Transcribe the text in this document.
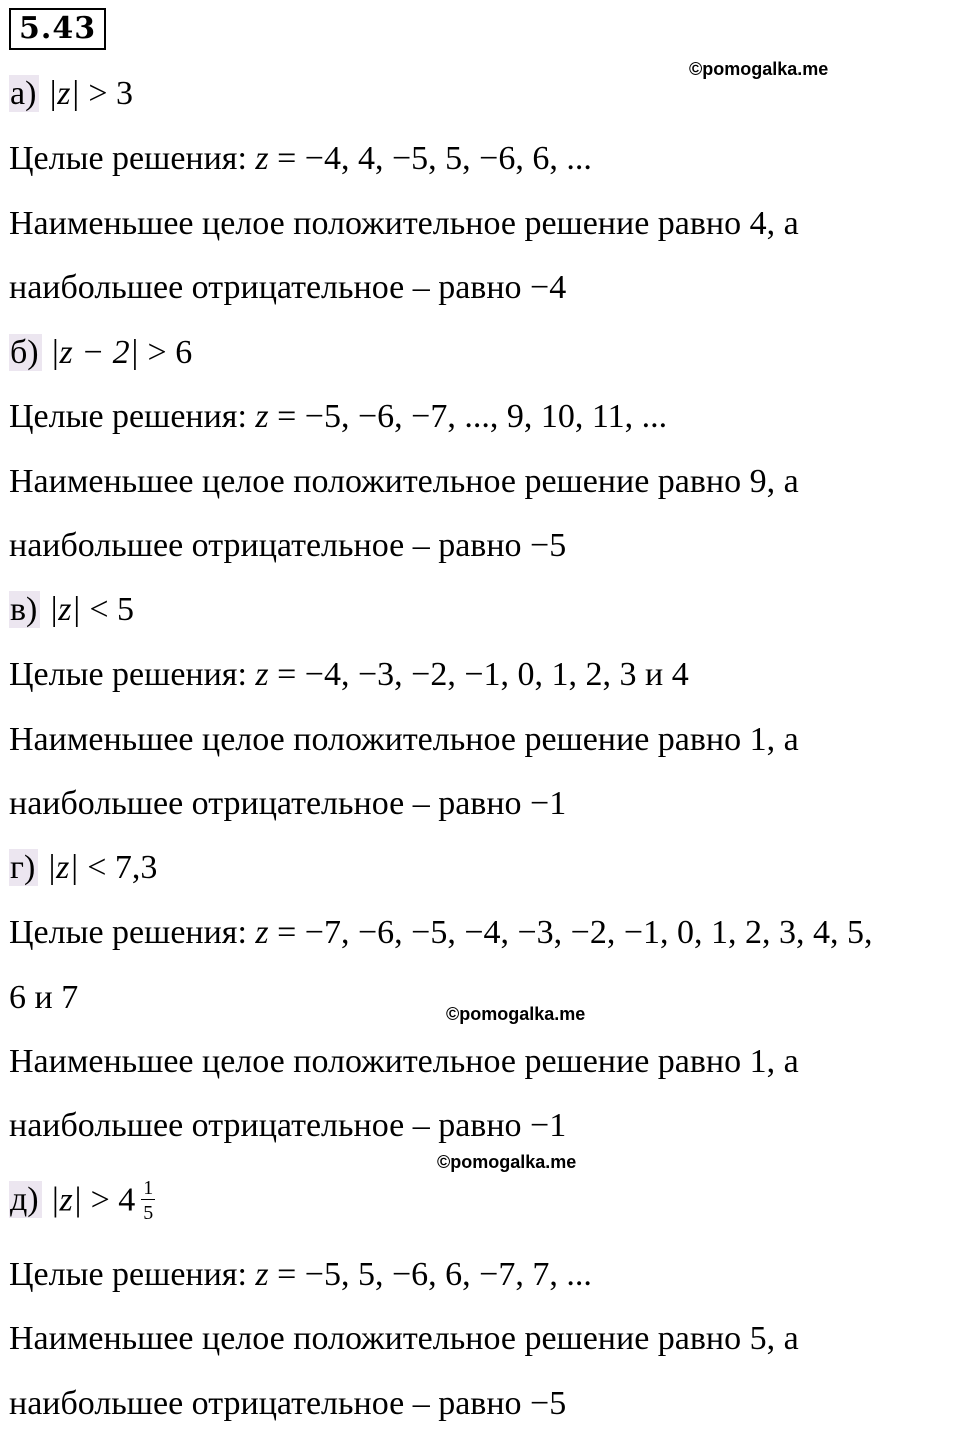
5.43
©pomogalka.me
а) |z| > 3
Целые решения: z = −4, 4, −5, 5, −6, 6, ...
Наименьшее целое положительное решение равно 4, а
наибольшее отрицательное – равно −4
б) |z − 2| > 6
Целые решения: z = −5, −6, −7, ..., 9, 10, 11, ...
Наименьшее целое положительное решение равно 9, а
наибольшее отрицательное – равно −5
в) |z| < 5
Целые решения: z = −4, −3, −2, −1, 0, 1, 2, 3 и 4
Наименьшее целое положительное решение равно 1, а
наибольшее отрицательное – равно −1
г) |z| < 7,3
Целые решения: z = −7, −6, −5, −4, −3, −2, −1, 0, 1, 2, 3, 4, 5,
6 и 7	©pomogalka.me
Наименьшее целое положительное решение равно 1, а
наибольшее отрицательное – равно −1
©pomogalka.me
д) $|z| > 4 \frac{1}{5}$
Целые решения: z = −5, 5, −6, 6, −7, 7, ...
Наименьшее целое положительное решение равно 5, а
наибольшее отрицательное – равно −5
